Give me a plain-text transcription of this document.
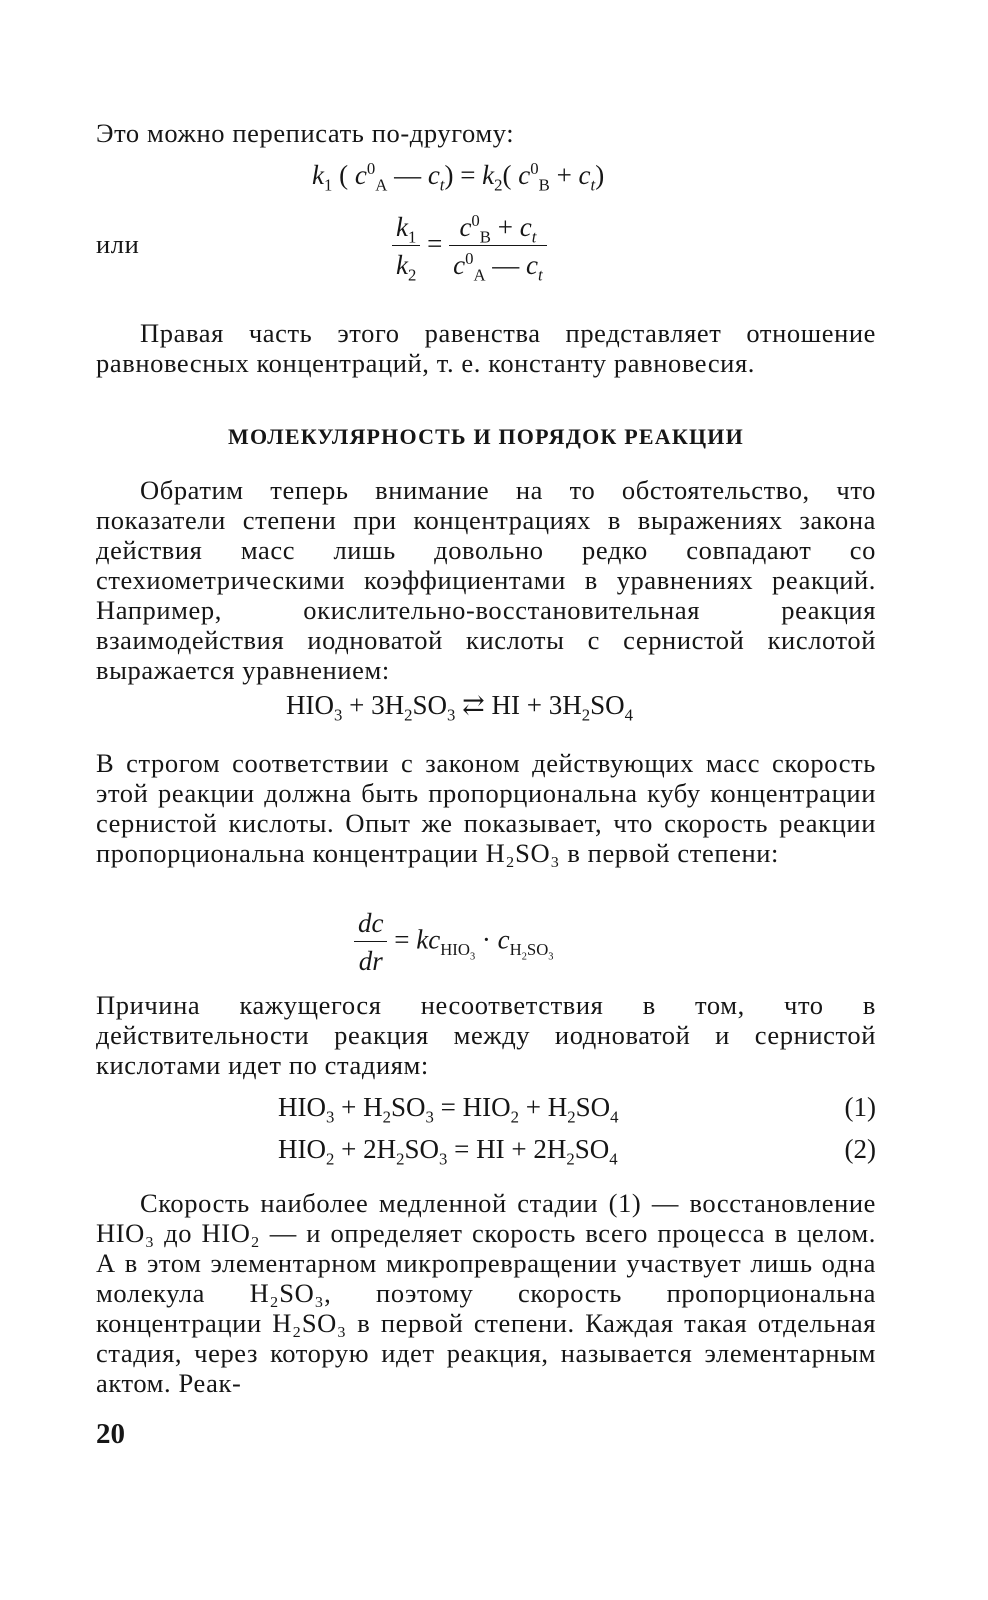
Это можно переписать по-другому:

$k_1$ ( $c^0_A$ — $c_t) = k_2$( $c^0_B + c_t$)

или	$\frac{k_1}{k_2} = \frac{c^0_B + c_t}{c^0_A — c_t}$

Правая часть этого равенства представляет отношение равновесных концентраций, т. е. константу равновесия.

МОЛЕКУЛЯРНОСТЬ И ПОРЯДОК РЕАКЦИИ

Обратим теперь внимание на то обстоятельство, что показатели степени при концентрациях в выражениях закона действия масс лишь довольно редко совпадают со стехиометрическими коэффициентами в уравнениях реакций. Например, окислительно-восстановительная реакция взаимодействия иодноватой кислоты с сернистой кислотой выражается уравнением:

$HIO_3 + 3H_2SO_3$ ⇄ HI + $3H_2SO_4$

В строгом соответствии с законом действующих масс скорость этой реакции должна быть пропорциональна кубу концентрации сернистой кислоты. Опыт же показывает, что скорость реакции пропорциональна концентрации H₂SO₃ в первой степени:

$\frac{dc}{dr} = kc_{HIO_3} \cdot c_{H_2SO_3}$

Причина кажущегося несоответствия в том, что в действительности реакция между иодноватой и сернистой кислотами идет по стадиям:

$HIO_3 + H_2SO_3 = HIO_2 + H_2SO_4$	(1)
$HIO_2 + 2H_2SO_3$ = HI + $2H_2SO_4$	(2)

Скорость наиболее медленной стадии (1) — восстановление HIO₃ до HIO₂ — и определяет скорость всего процесса в целом. А в этом элементарном микропревращении участвует лишь одна молекула H₂SO₃, поэтому скорость пропорциональна концентрации H₂SO₃ в первой степени. Каждая такая отдельная стадия, через которую идет реакция, называется элементарным актом. Реак-

20
